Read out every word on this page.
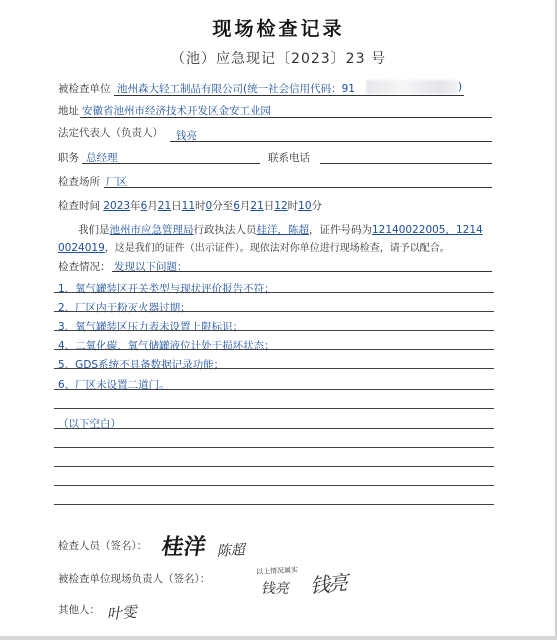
现场检查记录
（池）应急现记〔2023〕23 号
被检查单位 池州森大轻工制品有限公司(统一社会信用代码：91	)
地址 安徽省池州市经济技术开发区金安工业园
法定代表人（负责人） 钱亮
职务 总经理	联系电话
检查场所 厂区
检查时间 2023年6月21日11时0分至6月21日12时10分
我们是池州市应急管理局行政执法人员桂洋，陈超，证件号码为12140022005，1214
0024019，这是我们的证件（出示证件）。现依法对你单位进行现场检查，请予以配合。
检查情况： 发现以下问题：
1、氧气罐装区开关类型与现状评价报告不符；
2、厂区内干粉灭火器过期；
3、氧气罐装区压力表未设置上限标识；
4、二氧化碳、氧气储罐液位计处于损坏状态；
5、GDS系统不具备数据记录功能；
6、厂区未设置二道门。
（以下空白）
检查人员（签名）： 桂洋 陈超
被检查单位现场负责人（签名）：
以上情况属实
钱亮 钱亮
其他人： 叶雯
